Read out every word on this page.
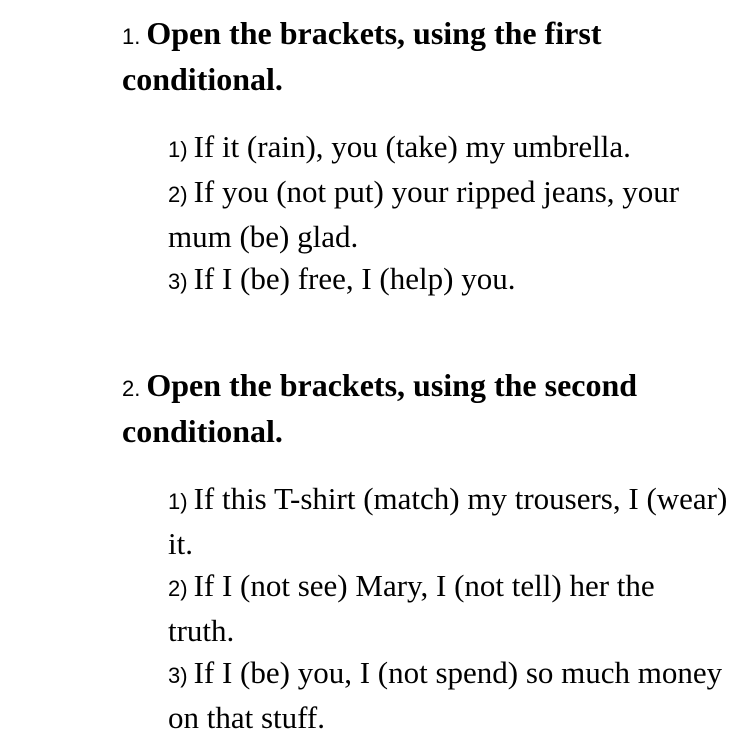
1. Open the brackets, using the first conditional.
1) If it (rain), you (take) my umbrella.
2) If you (not put) your ripped jeans, your mum (be) glad.
3) If I (be) free, I (help) you.
2. Open the brackets, using the second conditional.
1) If this T-shirt (match) my trousers, I (wear) it.
2) If I (not see) Mary, I (not tell) her the truth.
3) If I (be) you, I (not spend) so much money on that stuff.
